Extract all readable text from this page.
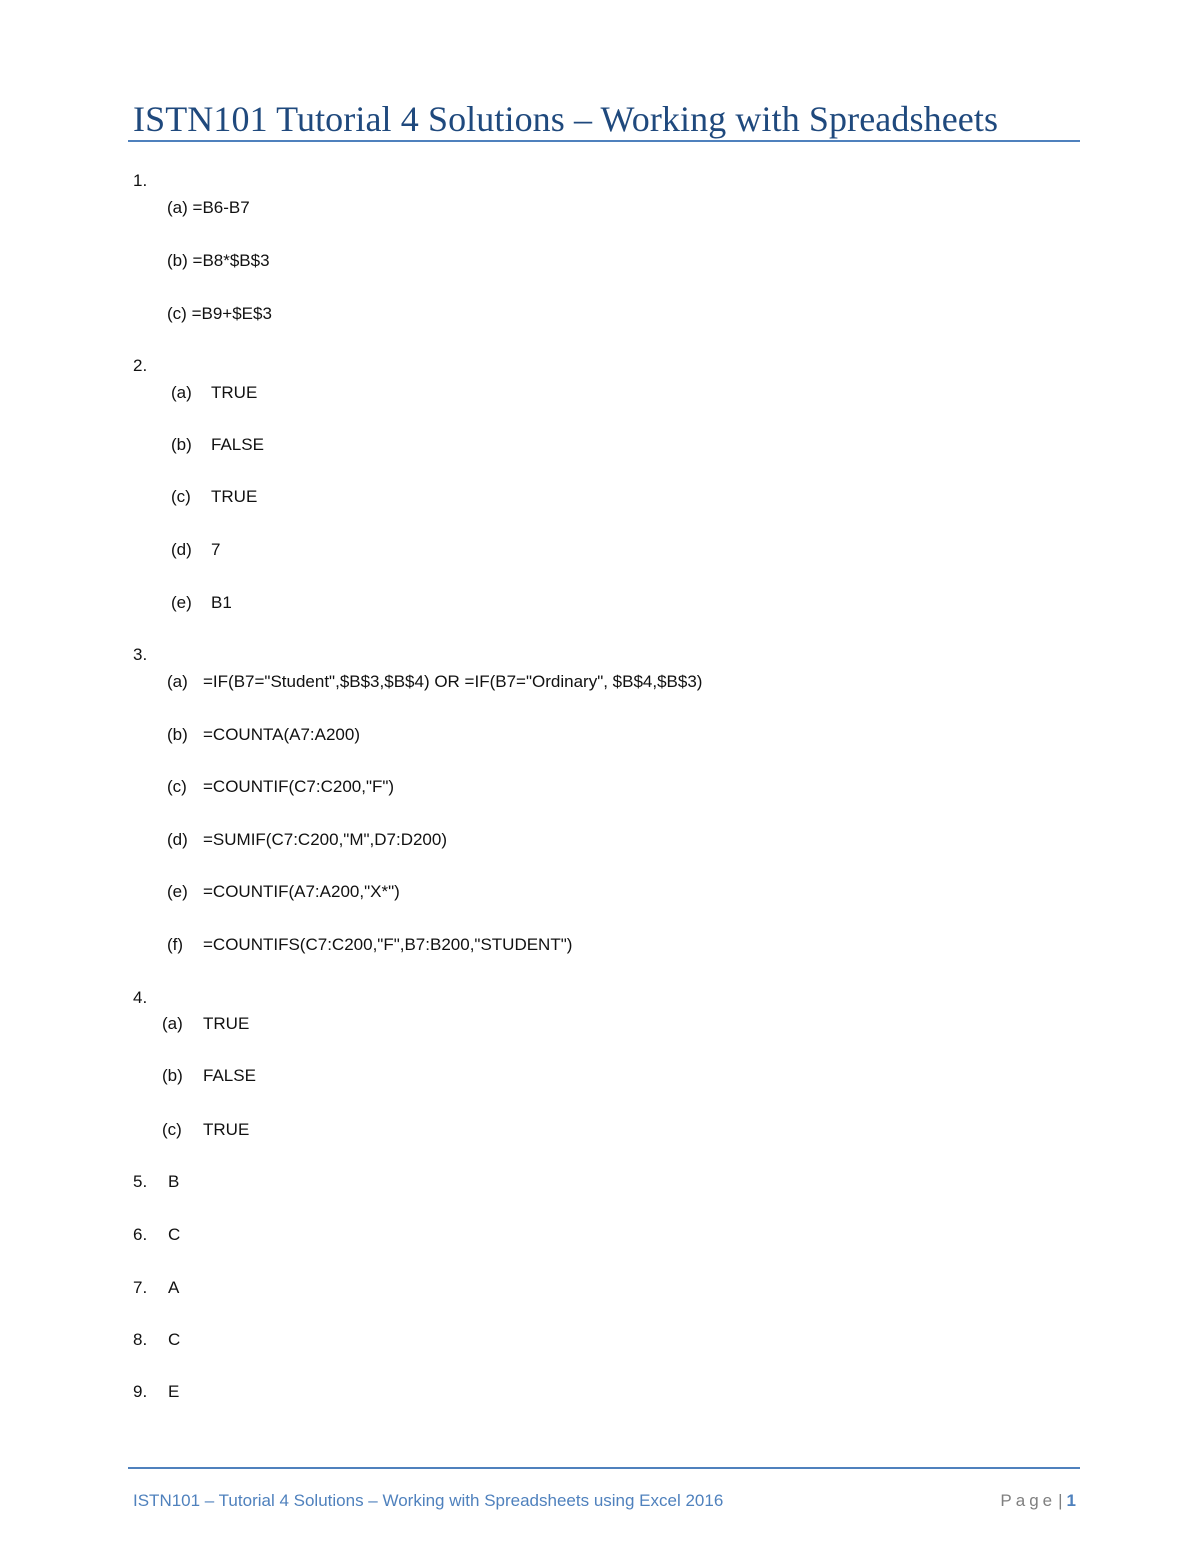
ISTN101 Tutorial 4 Solutions – Working with Spreadsheets
1.
(a) =B6-B7
(b) =B8*$B$3
(c) =B9+$E$3
2.
(a) TRUE
(b) FALSE
(c) TRUE
(d) 7
(e) B1
3.
(a) =IF(B7="Student",$B$3,$B$4) OR =IF(B7="Ordinary", $B$4,$B$3)
(b) =COUNTA(A7:A200)
(c) =COUNTIF(C7:C200,"F")
(d) =SUMIF(C7:C200,"M",D7:D200)
(e) =COUNTIF(A7:A200,"X*")
(f) =COUNTIFS(C7:C200,"F",B7:B200,"STUDENT")
4.
(a) TRUE
(b) FALSE
(c) TRUE
5. B
6. C
7. A
8. C
9. E
ISTN101 – Tutorial 4 Solutions – Working with Spreadsheets using Excel 2016	Page | 1
